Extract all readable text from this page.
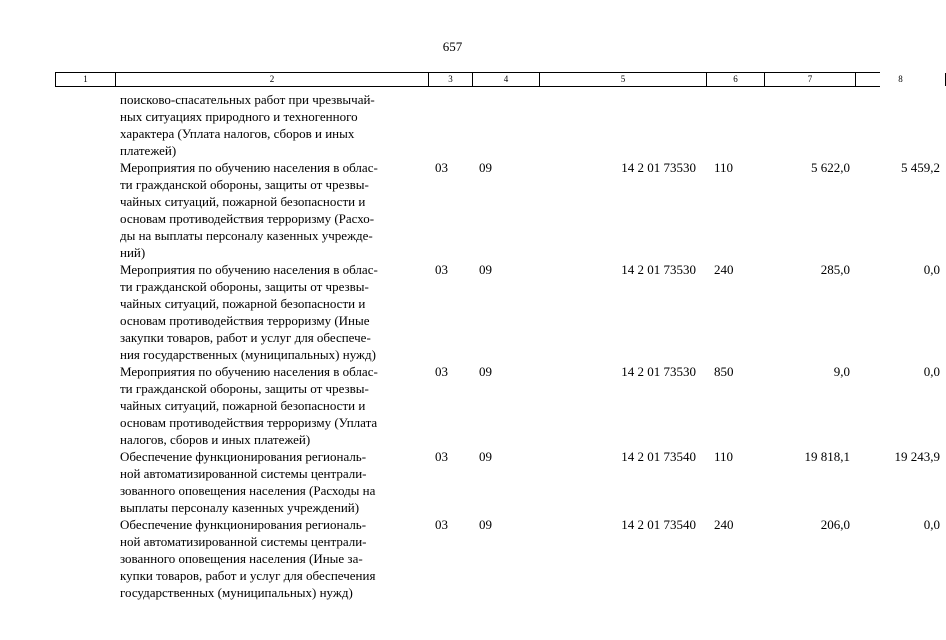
657
1	2	3	4	5	6	7	8
поисково-спасательных работ при чрезвычай-
ных ситуациях природного и техногенного
характера (Уплата налогов, сборов и иных
платежей)
Мероприятия по обучению населения в облас-
ти гражданской обороны, защиты от чрезвы-
чайных ситуаций, пожарной безопасности и
основам противодействия терроризму (Расхо-
ды на выплаты персоналу казенных учрежде-
ний)
03	09	14 2 01 73530	110	5 622,0	5 459,2
Мероприятия по обучению населения в облас-
ти гражданской обороны, защиты от чрезвы-
чайных ситуаций, пожарной безопасности и
основам противодействия терроризму (Иные
закупки товаров, работ и услуг для обеспече-
ния государственных (муниципальных) нужд)
03	09	14 2 01 73530	240	285,0	0,0
Мероприятия по обучению населения в облас-
ти гражданской обороны, защиты от чрезвы-
чайных ситуаций, пожарной безопасности и
основам противодействия терроризму (Уплата
налогов, сборов и иных платежей)
03	09	14 2 01 73530	850	9,0	0,0
Обеспечение функционирования региональ-
ной автоматизированной системы централи-
зованного оповещения населения (Расходы на
выплаты персоналу казенных учреждений)
03	09	14 2 01 73540	110	19 818,1	19 243,9
Обеспечение функционирования региональ-
ной автоматизированной системы централи-
зованного оповещения населения (Иные за-
купки товаров, работ и услуг для обеспечения
государственных (муниципальных) нужд)
03	09	14 2 01 73540	240	206,0	0,0
